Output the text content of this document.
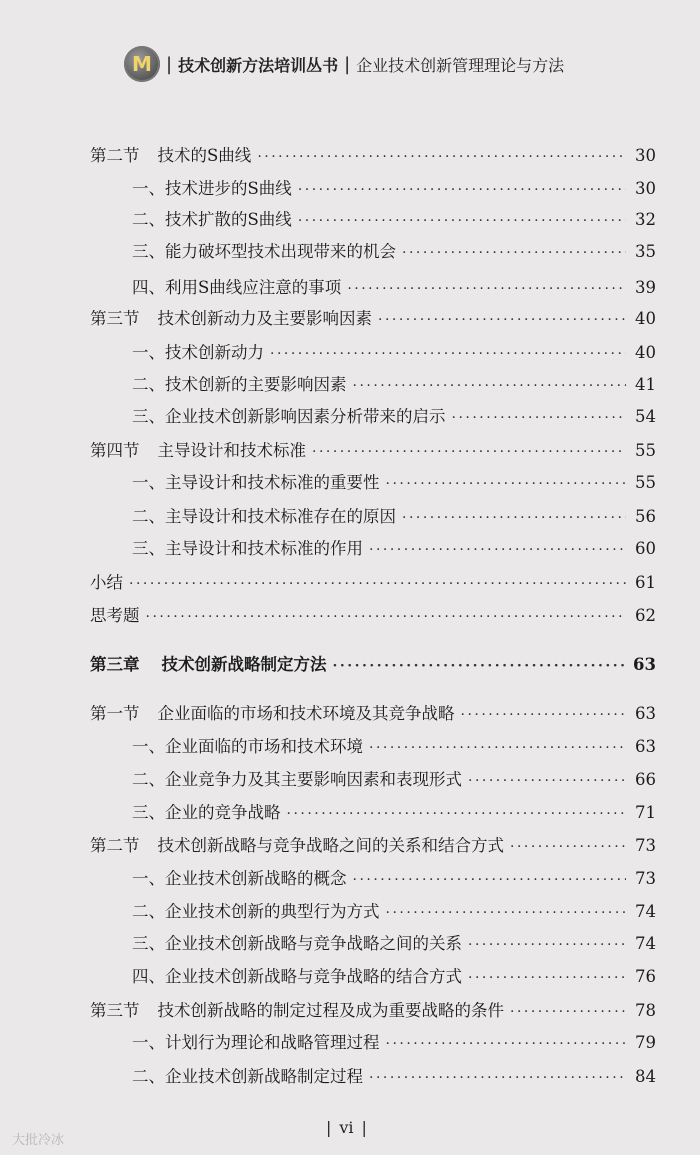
M | 技术创新方法培训丛书 | 企业技术创新管理理论与方法
第二节 技术的S曲线 ·····	30
一、技术进步的S曲线 ·····	30
二、技术扩散的S曲线 ·····	32
三、能力破坏型技术出现带来的机会 ·····	35
四、利用S曲线应注意的事项 ·····	39
第三节 技术创新动力及主要影响因素 ·····	40
一、技术创新动力 ·····	40
二、技术创新的主要影响因素 ·····	41
三、企业技术创新影响因素分析带来的启示 ·····	54
第四节 主导设计和技术标准 ·····	55
一、主导设计和技术标准的重要性 ·····	55
二、主导设计和技术标准存在的原因 ·····	56
三、主导设计和技术标准的作用 ·····	60
小结 ·····	61
思考题 ·····	62
第三章 技术创新战略制定方法 ·····	63
第一节 企业面临的市场和技术环境及其竞争战略 ·····	63
一、企业面临的市场和技术环境 ·····	63
二、企业竞争力及其主要影响因素和表现形式 ·····	66
三、企业的竞争战略 ·····	71
第二节 技术创新战略与竞争战略之间的关系和结合方式 ·····	73
一、企业技术创新战略的概念 ·····	73
二、企业技术创新的典型行为方式 ·····	74
三、企业技术创新战略与竞争战略之间的关系 ·····	74
四、企业技术创新战略与竞争战略的结合方式 ·····	76
第三节 技术创新战略的制定过程及成为重要战略的条件 ·····	78
一、计划行为理论和战略管理过程 ·····	79
二、企业技术创新战略制定过程 ·····	84
| vi |
大批冷冰
